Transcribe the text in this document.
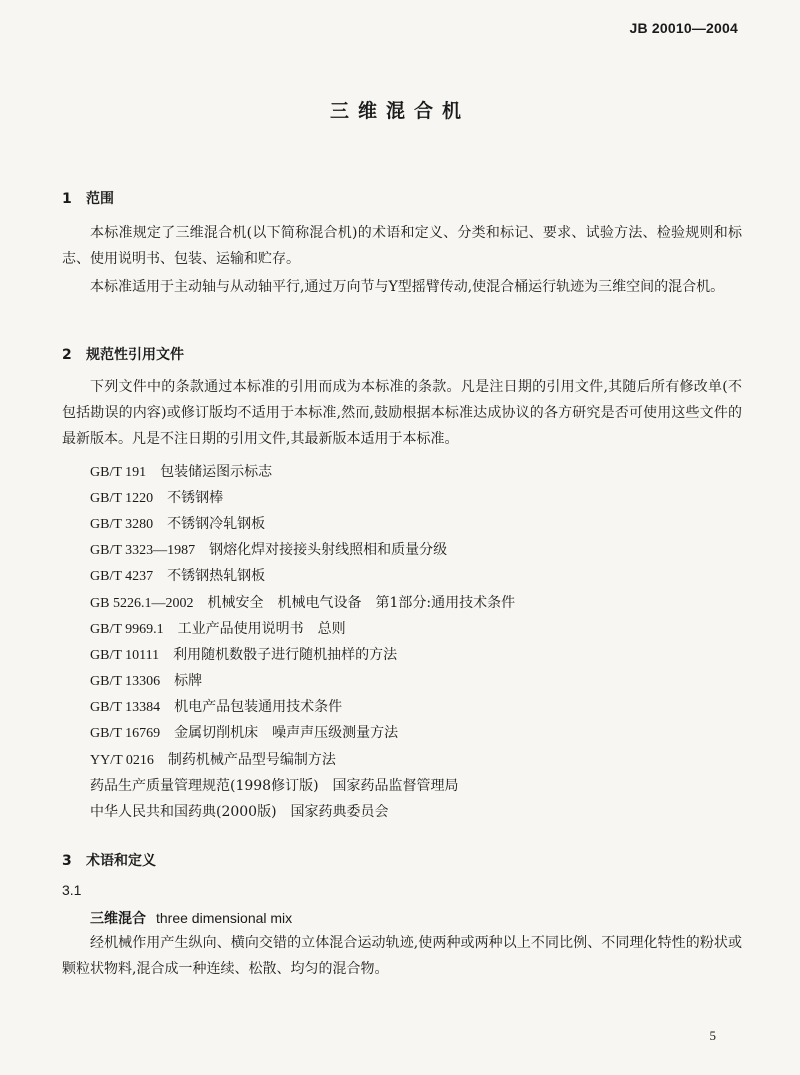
JB 20010—2004
三维混合机
1 范围
本标准规定了三维混合机(以下简称混合机)的术语和定义、分类和标记、要求、试验方法、检验规则和标志、使用说明书、包装、运输和贮存。
本标准适用于主动轴与从动轴平行,通过万向节与Y型摇臂传动,使混合桶运行轨迹为三维空间的混合机。
2 规范性引用文件
下列文件中的条款通过本标准的引用而成为本标准的条款。凡是注日期的引用文件,其随后所有修改单(不包括勘误的内容)或修订版均不适用于本标准,然而,鼓励根据本标准达成协议的各方研究是否可使用这些文件的最新版本。凡是不注日期的引用文件,其最新版本适用于本标准。
GB/T 191　 包装储运图示标志
GB/T 1220　 不锈钢棒
GB/T 3280　 不锈钢冷轧钢板
GB/T 3323—1987　 钢熔化焊对接接头射线照相和质量分级
GB/T 4237　 不锈钢热轧钢板
GB 5226.1—2002　 机械安全　机械电气设备　第1部分:通用技术条件
GB/T 9969.1　 工业产品使用说明书　总则
GB/T 10111　 利用随机数骰子进行随机抽样的方法
GB/T 13306　 标牌
GB/T 13384　 机电产品包装通用技术条件
GB/T 16769　 金属切削机床　噪声声压级测量方法
YY/T 0216　 制药机械产品型号编制方法
药品生产质量管理规范(1998修订版)　国家药品监督管理局
中华人民共和国药典(2000版)　国家药典委员会
3 术语和定义
3.1
三维混合 three dimensional mix
经机械作用产生纵向、横向交错的立体混合运动轨迹,使两种或两种以上不同比例、不同理化特性的粉状或颗粒状物料,混合成一种连续、松散、均匀的混合物。
5
